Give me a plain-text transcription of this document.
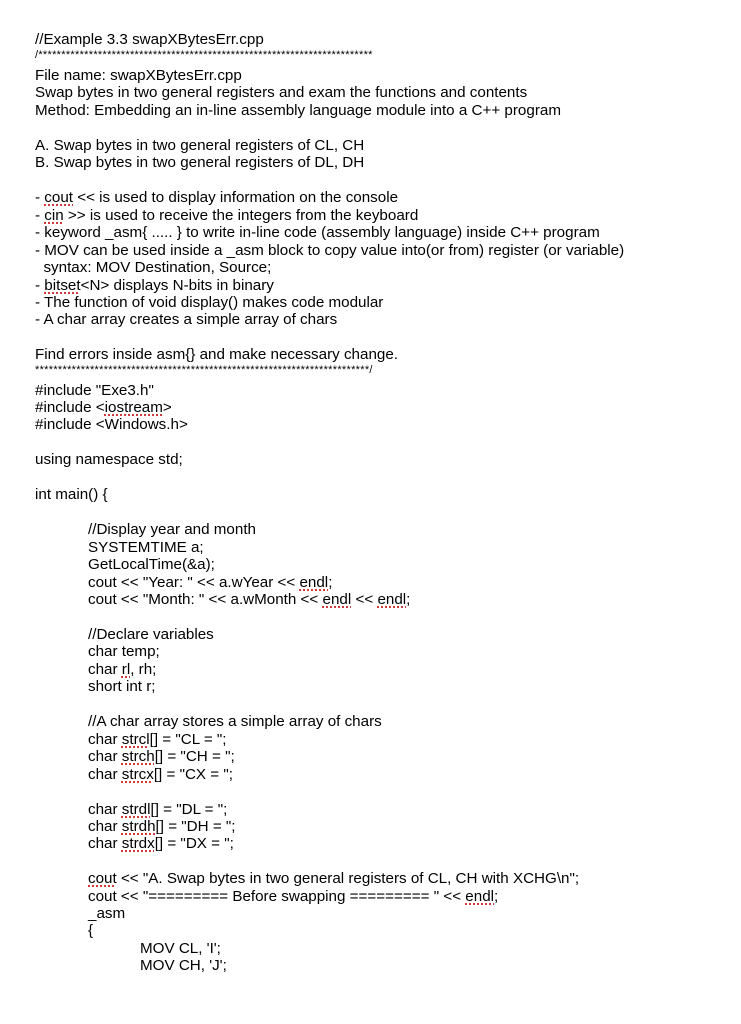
//Example 3.3 swapXBytesErr.cpp
/*************************************************************************
File name: swapXBytesErr.cpp
Swap bytes in two general registers and exam the functions and contents
Method: Embedding an in-line assembly language module into a C++ program
A. Swap bytes in two general registers of CL, CH
B. Swap bytes in two general registers of DL, DH
- cout << is used to display information on the console
- cin >> is used to receive the integers from the keyboard
- keyword _asm{ ..... } to write in-line code (assembly language) inside C++ program
- MOV can be used inside a _asm block to copy value into(or from) register (or variable)
syntax: MOV Destination, Source;
- bitset<N> displays N-bits in binary
- The function of void display() makes code modular
- A char array creates a simple array of chars
Find errors inside asm{} and make necessary change.
*************************************************************************/
#include "Exe3.h"
#include <iostream>
#include <Windows.h>
using namespace std;
int main() {
//Display year and month
SYSTEMTIME a;
GetLocalTime(&a);
cout << "Year: " << a.wYear << endl;
cout << "Month: " << a.wMonth << endl << endl;
//Declare variables
char temp;
char rl, rh;
short int r;
//A char array stores a simple array of chars
char strcl[] = "CL = ";
char strch[] = "CH = ";
char strcx[] = "CX = ";
char strdl[] = "DL = ";
char strdh[] = "DH = ";
char strdx[] = "DX = ";
cout << "A. Swap bytes in two general registers of CL, CH with XCHG\n";
cout << "========= Before swapping ========= " << endl;
_asm
{
MOV CL, 'I';
MOV CH, 'J';
